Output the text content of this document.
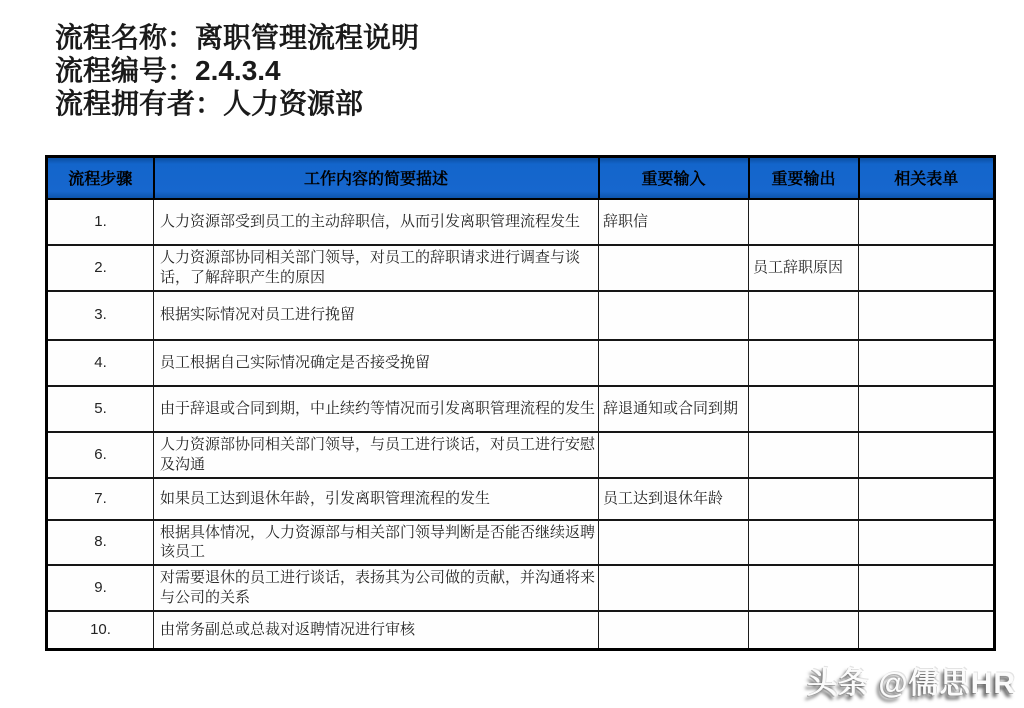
流程名称：离职管理流程说明
流程编号：2.4.3.4
流程拥有者：人力资源部
流程步骤	工作内容的简要描述	重要输入	重要输出	相关表单
1.	人力资源部受到员工的主动辞职信，从而引发离职管理流程发生	辞职信		
2.	人力资源部协同相关部门领导，对员工的辞职请求进行调查与谈话，了解辞职产生的原因		员工辞职原因	
3.	根据实际情况对员工进行挽留			
4.	员工根据自己实际情况确定是否接受挽留			
5.	由于辞退或合同到期，中止续约等情况而引发离职管理流程的发生	辞退通知或合同到期		
6.	人力资源部协同相关部门领导，与员工进行谈话，对员工进行安慰及沟通			
7.	如果员工达到退休年龄，引发离职管理流程的发生	员工达到退休年龄		
8.	根据具体情况，人力资源部与相关部门领导判断是否能否继续返聘该员工			
9.	对需要退休的员工进行谈话，表扬其为公司做的贡献，并沟通将来与公司的关系			
10.	由常务副总或总裁对返聘情况进行审核			
头条 @儒思HR
